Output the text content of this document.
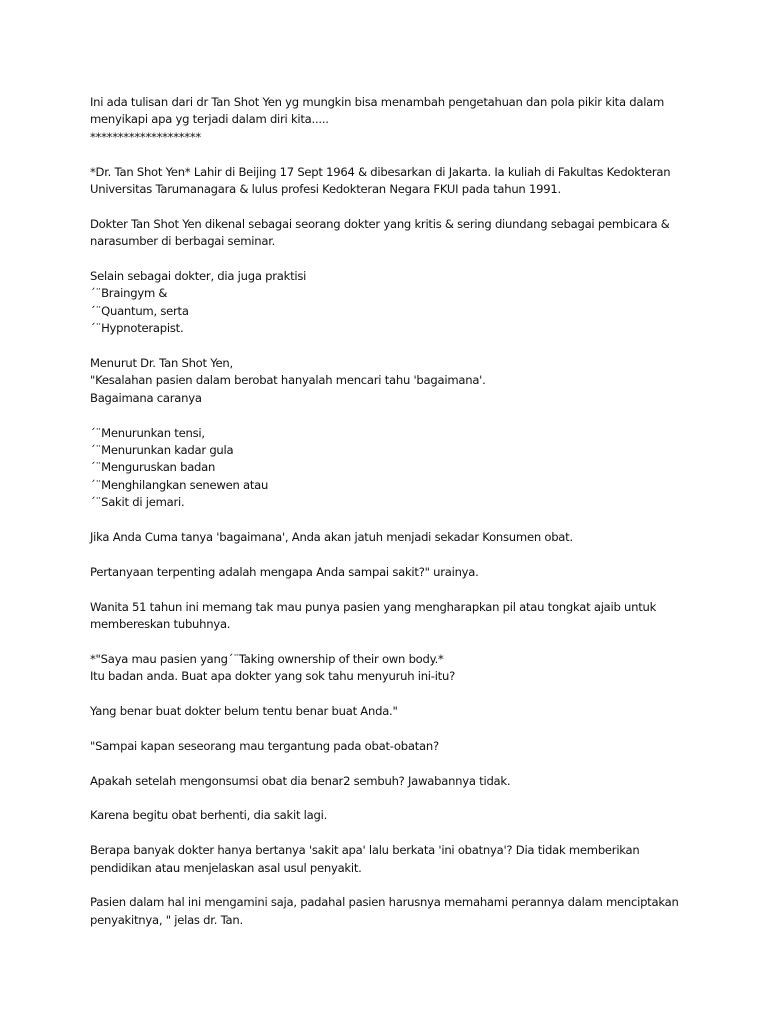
Ini ada tulisan dari dr Tan Shot Yen yg mungkin bisa menambah pengetahuan dan pola pikir kita dalam
menyikapi apa yg terjadi dalam diri kita.....
********************
*Dr. Tan Shot Yen* Lahir di Beijing 17 Sept 1964 & dibesarkan di Jakarta. Ia kuliah di Fakultas Kedokteran
Universitas Tarumanagara & lulus profesi Kedokteran Negara FKUI pada tahun 1991.
Dokter Tan Shot Yen dikenal sebagai seorang dokter yang kritis & sering diundang sebagai pembicara &
narasumber di berbagai seminar.
Selain sebagai dokter, dia juga praktisi
´¨Braingym &
´¨Quantum, serta
´¨Hypnoterapist.
Menurut Dr. Tan Shot Yen,
"Kesalahan pasien dalam berobat hanyalah mencari tahu 'bagaimana'.
Bagaimana caranya
´¨Menurunkan tensi,
´¨Menurunkan kadar gula
´¨Menguruskan badan
´¨Menghilangkan senewen atau
´¨Sakit di jemari.
Jika Anda Cuma tanya 'bagaimana', Anda akan jatuh menjadi sekadar Konsumen obat.
Pertanyaan terpenting adalah mengapa Anda sampai sakit?" urainya.
Wanita 51 tahun ini memang tak mau punya pasien yang mengharapkan pil atau tongkat ajaib untuk
membereskan tubuhnya.
*"Saya mau pasien yang´¨Taking ownership of their own body.*
Itu badan anda. Buat apa dokter yang sok tahu menyuruh ini-itu?
Yang benar buat dokter belum tentu benar buat Anda."
"Sampai kapan seseorang mau tergantung pada obat-obatan?
Apakah setelah mengonsumsi obat dia benar2 sembuh? Jawabannya tidak.
Karena begitu obat berhenti, dia sakit lagi.
Berapa banyak dokter hanya bertanya 'sakit apa' lalu berkata 'ini obatnya'? Dia tidak memberikan
pendidikan atau menjelaskan asal usul penyakit.
Pasien dalam hal ini mengamini saja, padahal pasien harusnya memahami perannya dalam menciptakan
penyakitnya, " jelas dr. Tan.
